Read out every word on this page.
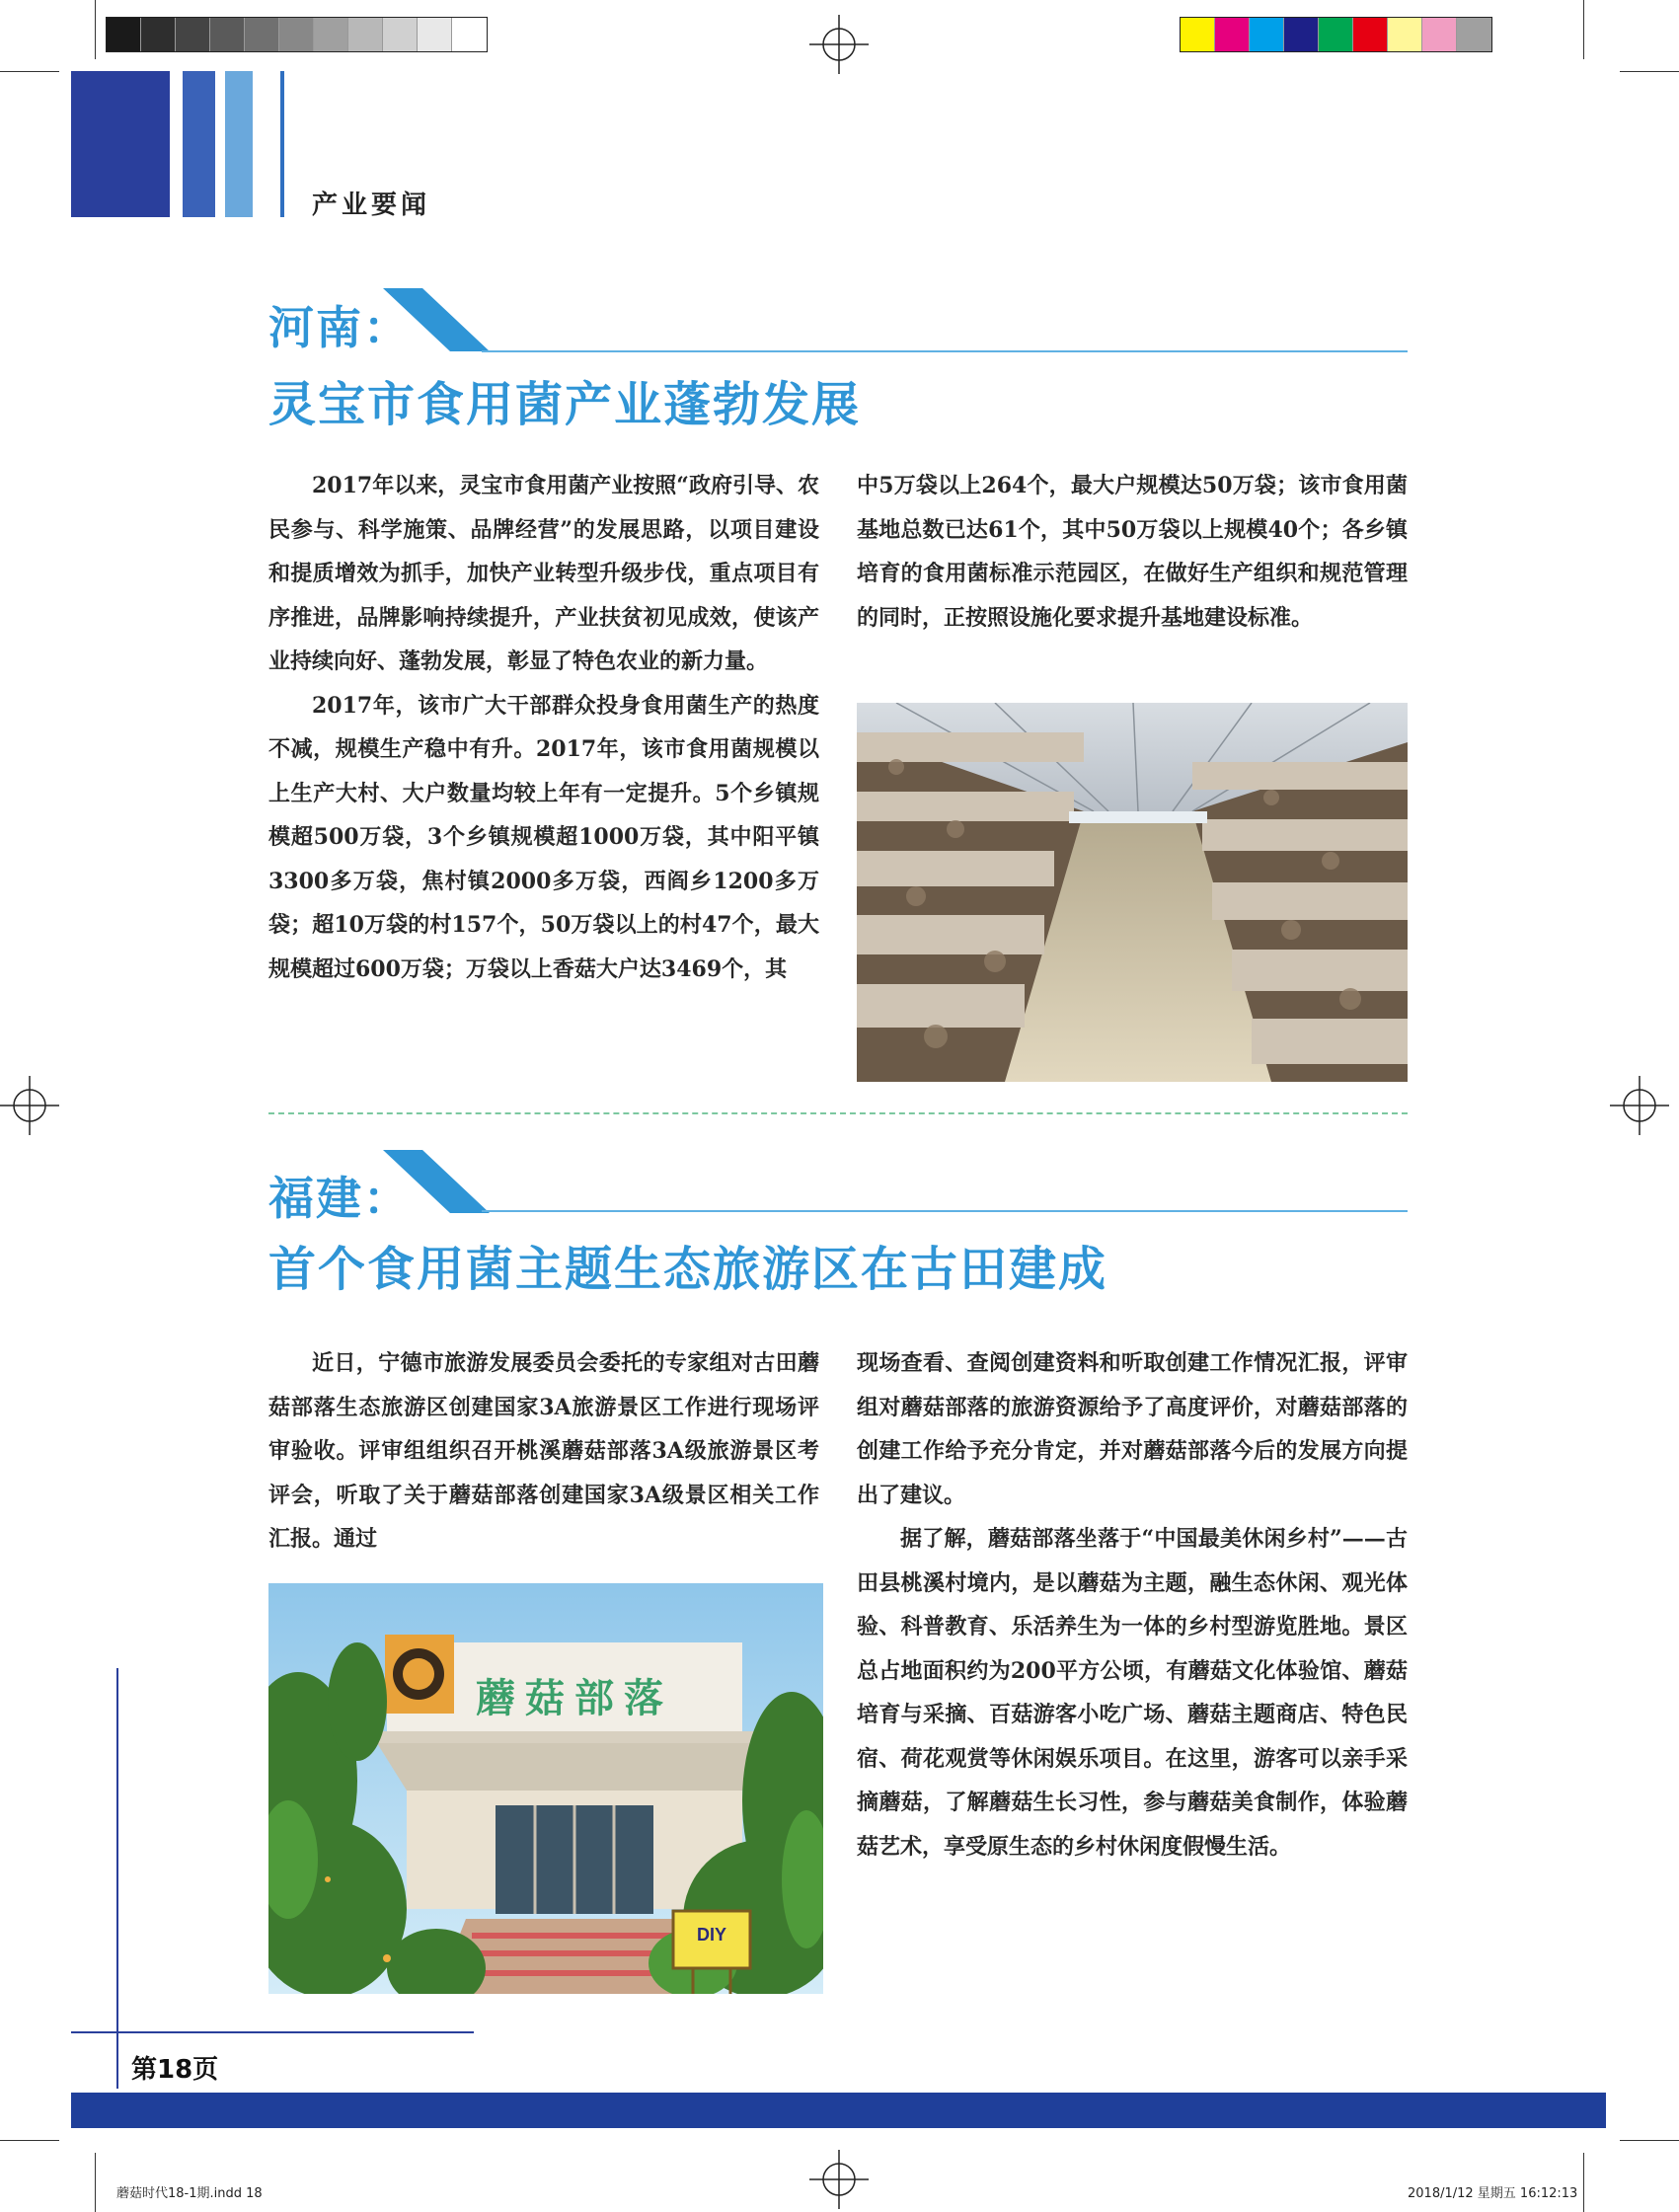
产业要闻
河南：
灵宝市食用菌产业蓬勃发展

2017年以来，灵宝市食用菌产业按照“政府引导、农民参与、科学施策、品牌经营”的发展思路，以项目建设和提质增效为抓手，加快产业转型升级步伐，重点项目有序推进，品牌影响持续提升，产业扶贫初见成效，使该产业持续向好、蓬勃发展，彰显了特色农业的新力量。

2017年，该市广大干部群众投身食用菌生产的热度不减，规模生产稳中有升。2017年，该市食用菌规模以上生产大村、大户数量均较上年有一定提升。5个乡镇规模超500万袋，3个乡镇规模超1000万袋，其中阳平镇3300多万袋，焦村镇2000多万袋，西阎乡1200多万袋；超10万袋的村157个，50万袋以上的村47个，最大规模超过600万袋；万袋以上香菇大户达3469个，其

中5万袋以上264个，最大户规模达50万袋；该市食用菌基地总数已达61个，其中50万袋以上规模40个；各乡镇培育的食用菌标准示范园区，在做好生产组织和规范管理的同时，正按照设施化要求提升基地建设标准。

福建：
首个食用菌主题生态旅游区在古田建成

近日，宁德市旅游发展委员会委托的专家组对古田蘑菇部落生态旅游区创建国家3A旅游景区工作进行现场评审验收。评审组组织召开桃溪蘑菇部落3A级旅游景区考评会，听取了关于蘑菇部落创建国家3A级景区相关工作汇报。通过

现场查看、查阅创建资料和听取创建工作情况汇报，评审组对蘑菇部落的旅游资源给予了高度评价，对蘑菇部落的创建工作给予充分肯定，并对蘑菇部落今后的发展方向提出了建议。

据了解，蘑菇部落坐落于“中国最美休闲乡村”——古田县桃溪村境内，是以蘑菇为主题，融生态休闲、观光体验、科普教育、乐活养生为一体的乡村型游览胜地。景区总占地面积约为200平方公顷，有蘑菇文化体验馆、蘑菇培育与采摘、百菇游客小吃广场、蘑菇主题商店、特色民宿、荷花观赏等休闲娱乐项目。在这里，游客可以亲手采摘蘑菇，了解蘑菇生长习性，参与蘑菇美食制作，体验蘑菇艺术，享受原生态的乡村休闲度假慢生活。

DIY
蘑菇部落
第18页
蘑菇时代18-1期.indd 18	2018/1/12 星期五 16:12:13
